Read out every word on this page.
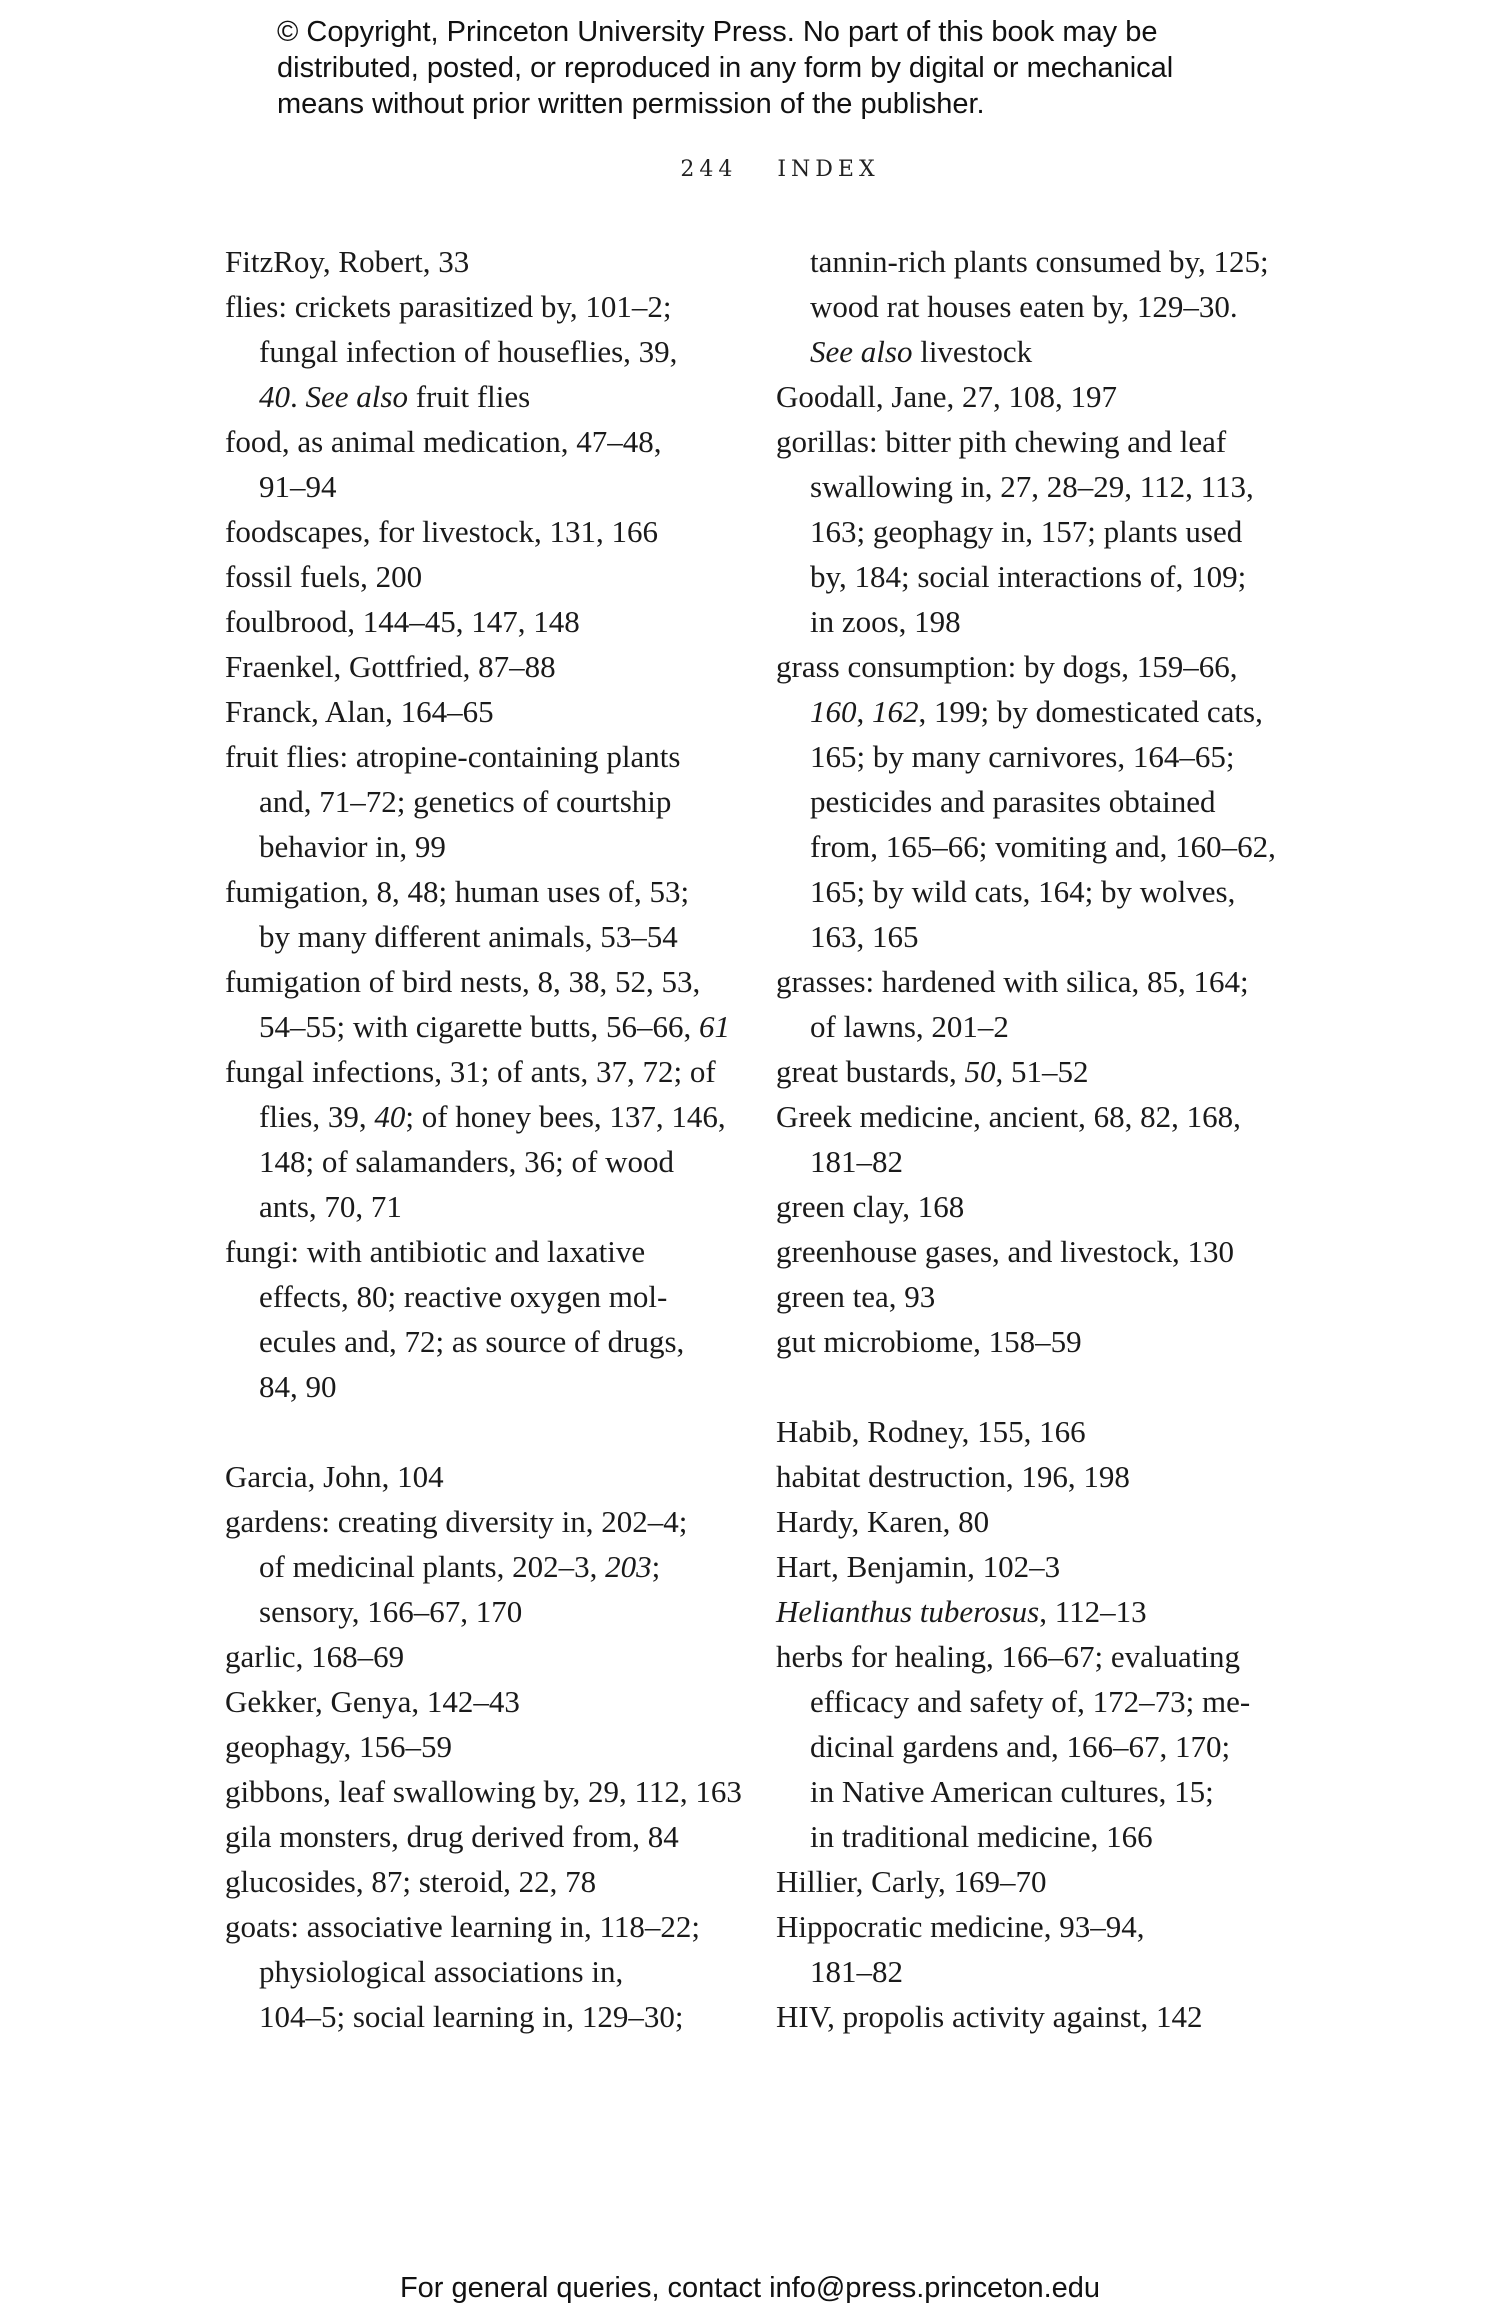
© Copyright, Princeton University Press. No part of this book may be
distributed, posted, or reproduced in any form by digital or mechanical
means without prior written permission of the publisher.
244 INDEX
FitzRoy, Robert, 33
flies: crickets parasitized by, 101–2;
fungal infection of houseflies, 39,
40. See also fruit flies
food, as animal medication, 47–48,
91–94
foodscapes, for livestock, 131, 166
fossil fuels, 200
foulbrood, 144–45, 147, 148
Fraenkel, Gottfried, 87–88
Franck, Alan, 164–65
fruit flies: atropine-containing plants
and, 71–72; genetics of courtship
behavior in, 99
fumigation, 8, 48; human uses of, 53;
by many different animals, 53–54
fumigation of bird nests, 8, 38, 52, 53,
54–55; with cigarette butts, 56–66, 61
fungal infections, 31; of ants, 37, 72; of
flies, 39, 40; of honey bees, 137, 146,
148; of salamanders, 36; of wood
ants, 70, 71
fungi: with antibiotic and laxative
effects, 80; reactive oxygen mol-
ecules and, 72; as source of drugs,
84, 90
Garcia, John, 104
gardens: creating diversity in, 202–4;
of medicinal plants, 202–3, 203;
sensory, 166–67, 170
garlic, 168–69
Gekker, Genya, 142–43
geophagy, 156–59
gibbons, leaf swallowing by, 29, 112, 163
gila monsters, drug derived from, 84
glucosides, 87; steroid, 22, 78
goats: associative learning in, 118–22;
physiological associations in,
104–5; social learning in, 129–30;
tannin-rich plants consumed by, 125;
wood rat houses eaten by, 129–30.
See also livestock
Goodall, Jane, 27, 108, 197
gorillas: bitter pith chewing and leaf
swallowing in, 27, 28–29, 112, 113,
163; geophagy in, 157; plants used
by, 184; social interactions of, 109;
in zoos, 198
grass consumption: by dogs, 159–66,
160, 162, 199; by domesticated cats,
165; by many carnivores, 164–65;
pesticides and parasites obtained
from, 165–66; vomiting and, 160–62,
165; by wild cats, 164; by wolves,
163, 165
grasses: hardened with silica, 85, 164;
of lawns, 201–2
great bustards, 50, 51–52
Greek medicine, ancient, 68, 82, 168,
181–82
green clay, 168
greenhouse gases, and livestock, 130
green tea, 93
gut microbiome, 158–59
Habib, Rodney, 155, 166
habitat destruction, 196, 198
Hardy, Karen, 80
Hart, Benjamin, 102–3
Helianthus tuberosus, 112–13
herbs for healing, 166–67; evaluating
efficacy and safety of, 172–73; me-
dicinal gardens and, 166–67, 170;
in Native American cultures, 15;
in traditional medicine, 166
Hillier, Carly, 169–70
Hippocratic medicine, 93–94,
181–82
HIV, propolis activity against, 142
For general queries, contact info@press.princeton.edu
